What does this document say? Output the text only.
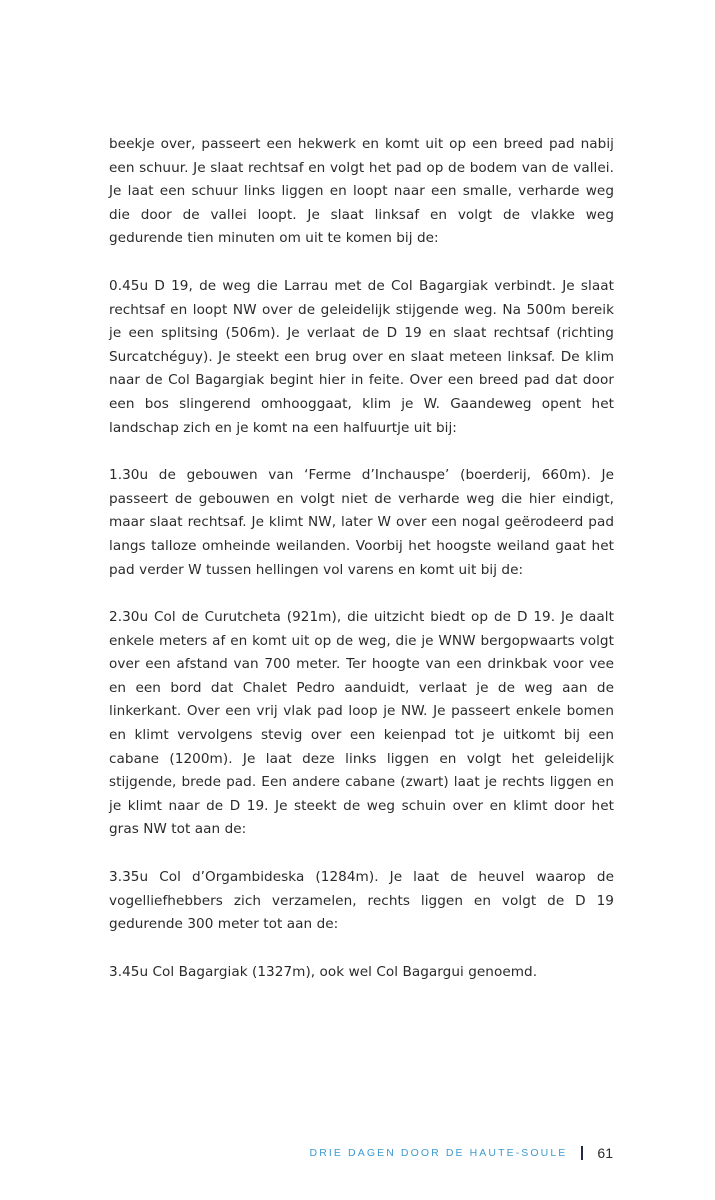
beekje over, passeert een hekwerk en komt uit op een breed pad nabij een schuur. Je slaat rechtsaf en volgt het pad op de bodem van de vallei. Je laat een schuur links liggen en loopt naar een smalle, verharde weg die door de vallei loopt. Je slaat linksaf en volgt de vlakke weg gedurende tien minuten om uit te komen bij de:

0.45u D 19, de weg die Larrau met de Col Bagargiak verbindt. Je slaat rechtsaf en loopt NW over de geleidelijk stijgende weg. Na 500m bereik je een splitsing (506m). Je verlaat de D 19 en slaat rechtsaf (richting Surcatchéguy). Je steekt een brug over en slaat meteen linksaf. De klim naar de Col Bagargiak begint hier in feite. Over een breed pad dat door een bos slingerend omhooggaat, klim je W. Gaandeweg opent het landschap zich en je komt na een halfuurtje uit bij:

1.30u de gebouwen van ‘Ferme d’Inchauspe’ (boerderij, 660m). Je passeert de gebouwen en volgt niet de verharde weg die hier eindigt, maar slaat rechtsaf. Je klimt NW, later W over een nogal geërodeerd pad langs talloze omheinde weilanden. Voorbij het hoogste weiland gaat het pad verder W tussen hellingen vol varens en komt uit bij de:

2.30u Col de Curutcheta (921m), die uitzicht biedt op de D 19. Je daalt enkele meters af en komt uit op de weg, die je WNW bergopwaarts volgt over een afstand van 700 meter. Ter hoogte van een drinkbak voor vee en een bord dat Chalet Pedro aanduidt, verlaat je de weg aan de linkerkant. Over een vrij vlak pad loop je NW. Je passeert enkele bomen en klimt vervolgens stevig over een keienpad tot je uitkomt bij een cabane (1200m). Je laat deze links liggen en volgt het geleidelijk stijgende, brede pad. Een andere cabane (zwart) laat je rechts liggen en je klimt naar de D 19. Je steekt de weg schuin over en klimt door het gras NW tot aan de:

3.35u Col d’Orgambideska (1284m). Je laat de heuvel waarop de vogelliefhebbers zich verzamelen, rechts liggen en volgt de D 19 gedurende 300 meter tot aan de:

3.45u Col Bagargiak (1327m), ook wel Col Bagargui genoemd.

DRIE DAGEN DOOR DE HAUTE-SOULE 61
